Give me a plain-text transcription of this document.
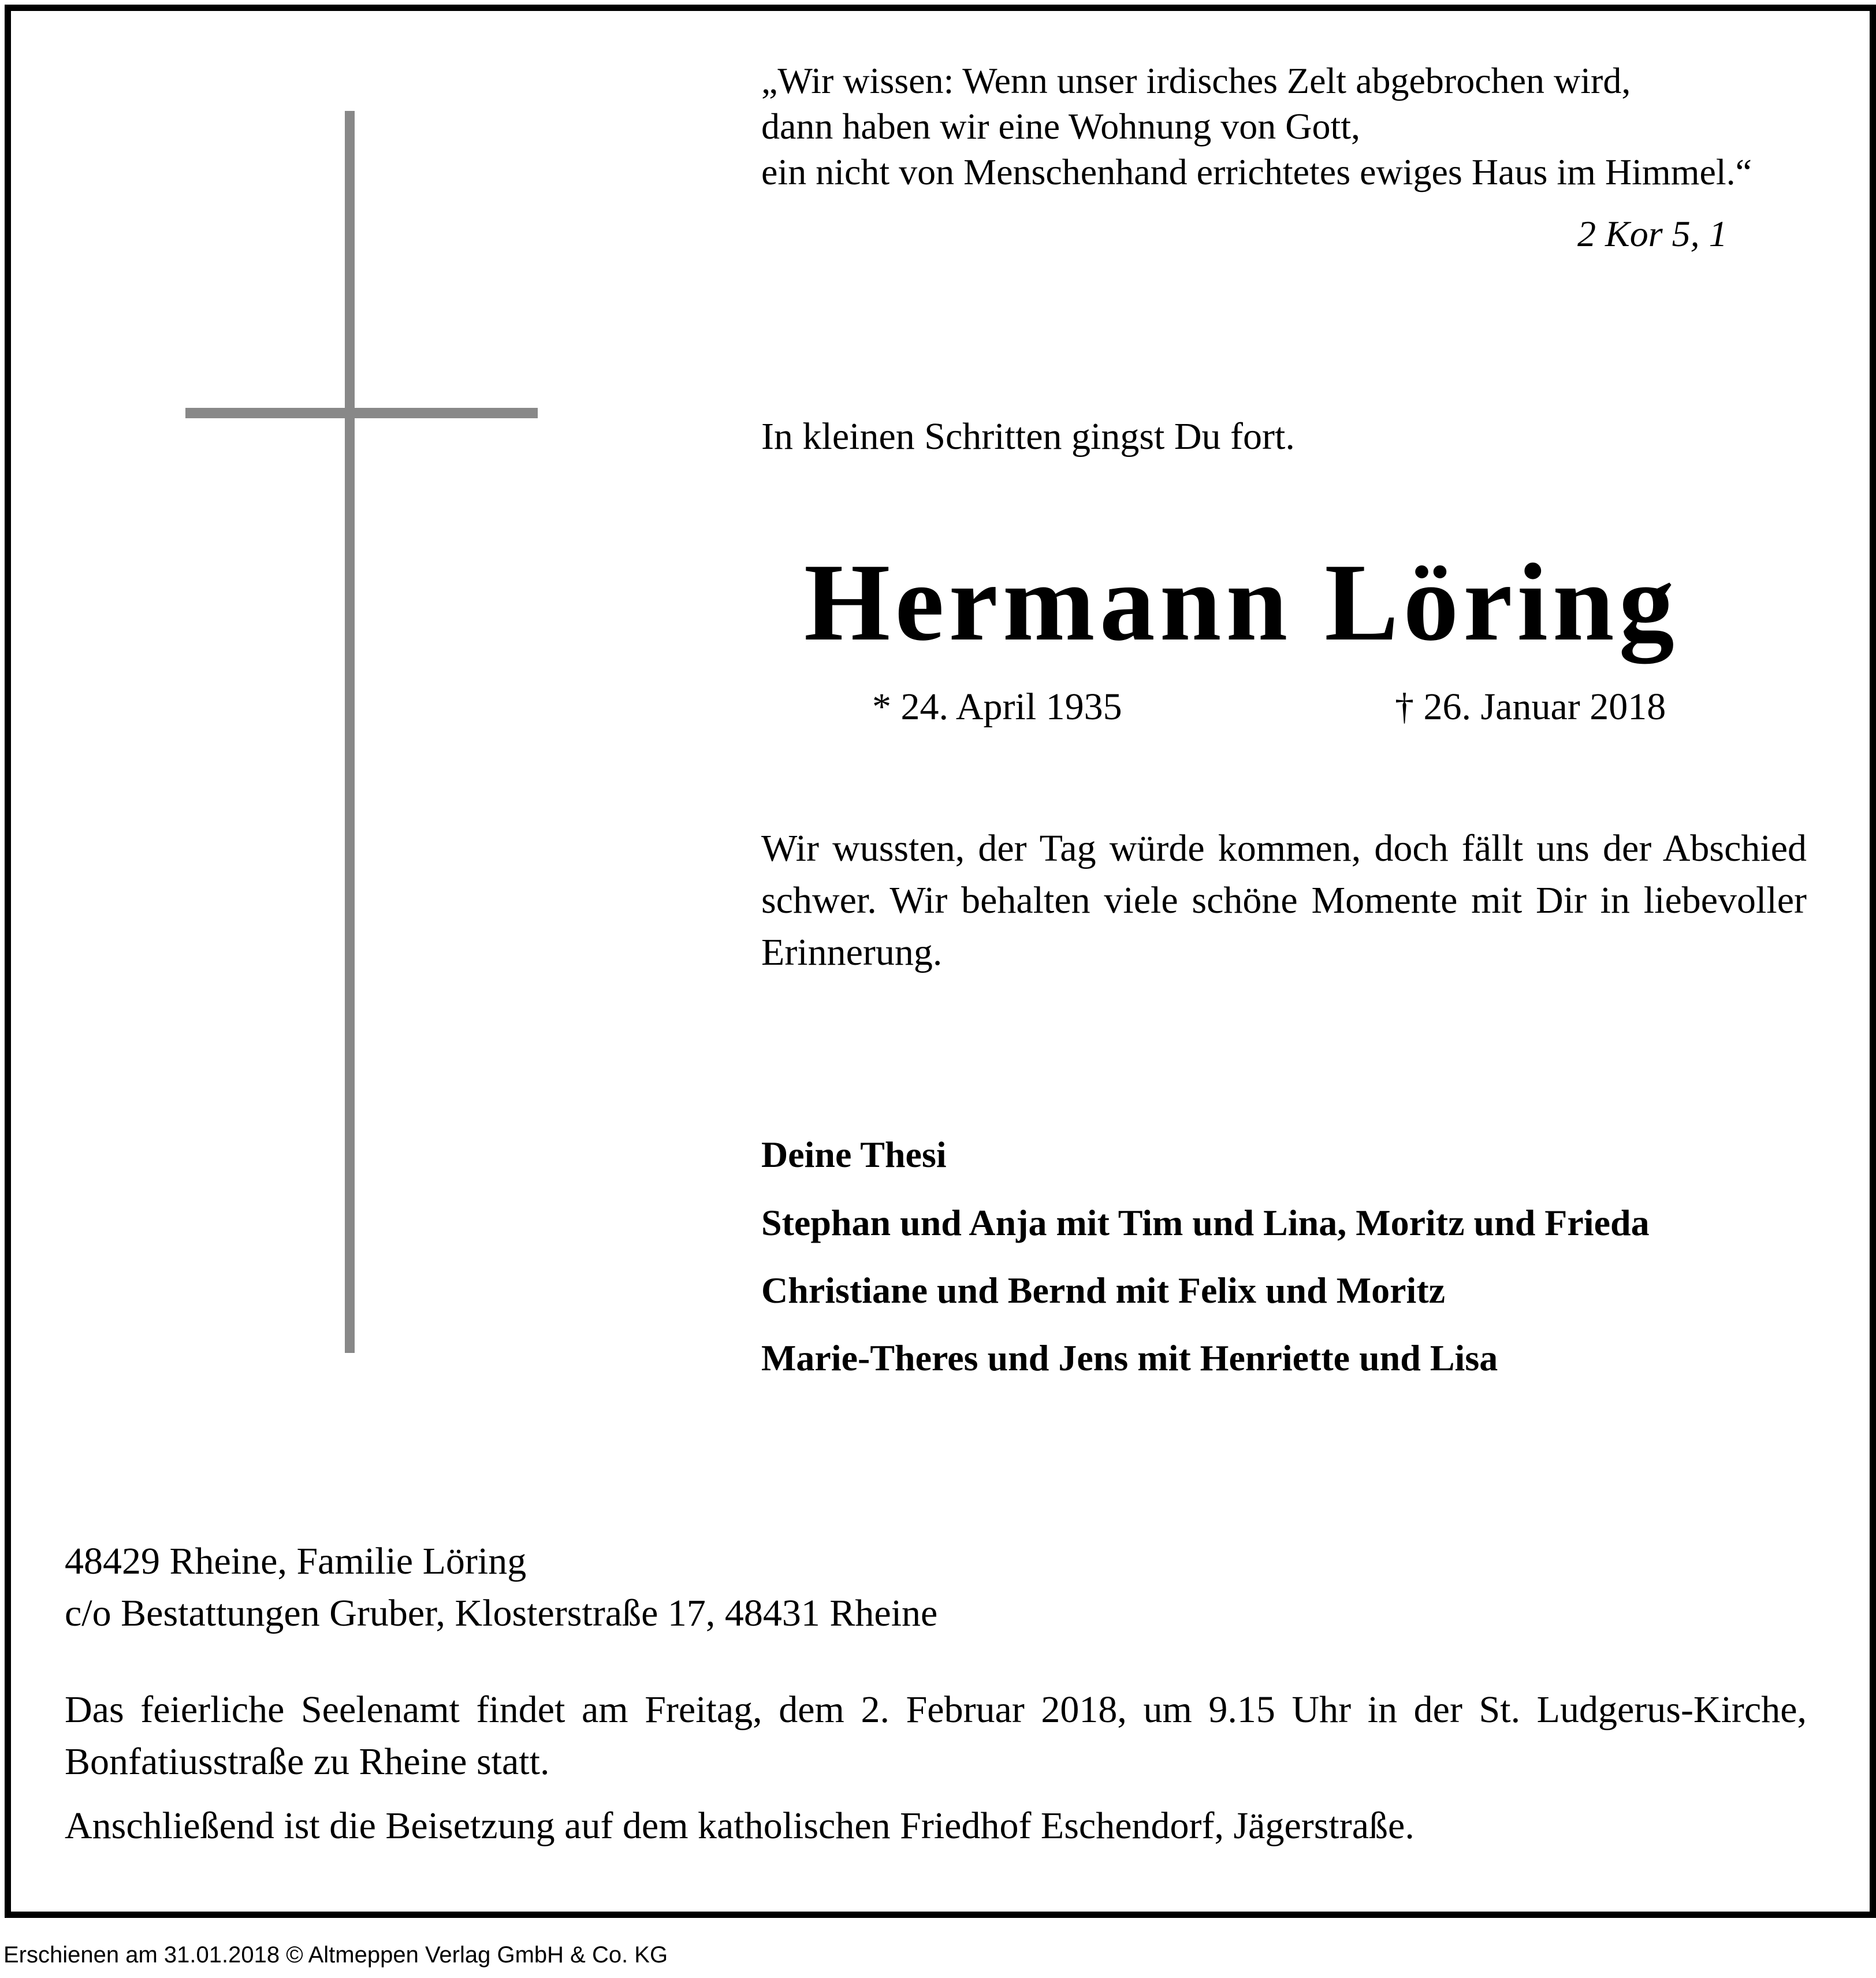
„Wir wissen: Wenn unser irdisches Zelt abgebrochen wird,
dann haben wir eine Wohnung von Gott,
ein nicht von Menschenhand errichtetes ewiges Haus im Himmel.“
2 Kor 5, 1
In kleinen Schritten gingst Du fort.
Hermann Löring
* 24. April 1935	† 26. Januar 2018
Wir wussten, der Tag würde kommen, doch fällt uns der Abschied schwer. Wir behalten viele schöne Momente mit Dir in liebevoller Erinnerung.
Deine Thesi
Stephan und Anja mit Tim und Lina, Moritz und Frieda
Christiane und Bernd mit Felix und Moritz
Marie-Theres und Jens mit Henriette und Lisa
48429 Rheine, Familie Löring
c/o Bestattungen Gruber, Klosterstraße 17, 48431 Rheine
Das feierliche Seelenamt findet am Freitag, dem 2. Februar 2018, um 9.15 Uhr in der St. Ludgerus-Kirche, Bonfatiusstraße zu Rheine statt.
Anschließend ist die Beisetzung auf dem katholischen Friedhof Eschendorf, Jägerstraße.
Erschienen am 31.01.2018 © Altmeppen Verlag GmbH & Co. KG
